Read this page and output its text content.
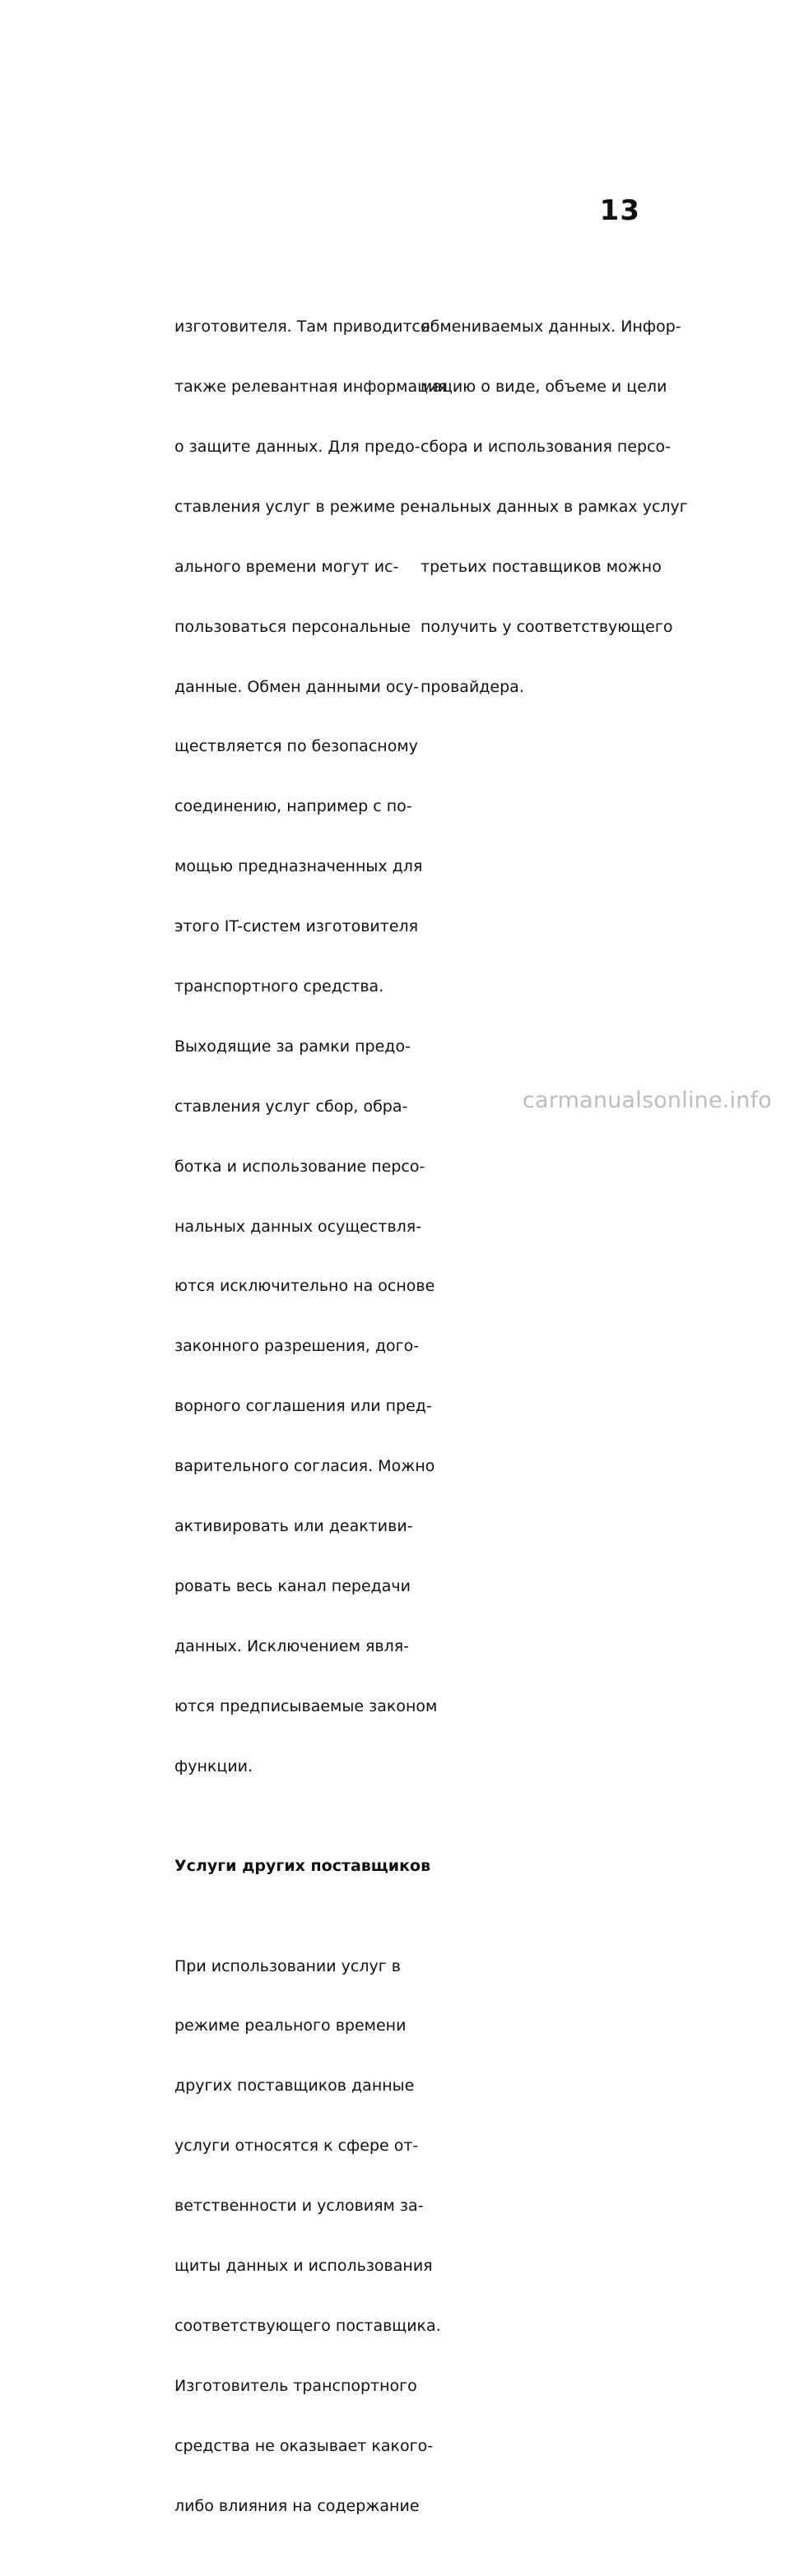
13

изготовителя. Там приводится

также релевантная информация

о защите данных. Для предо-

ставления услуг в режиме ре-

ального времени могут ис-

пользоваться персональные

данные. Обмен данными осу-

ществляется по безопасному

соединению, например с по-

мощью предназначенных для

этого IT-систем изготовителя

транспортного средства.

Выходящие за рамки предо-

ставления услуг сбор, обра-

ботка и использование персо-

нальных данных осуществля-

ются исключительно на основе

законного разрешения, дого-

ворного соглашения или пред-

варительного согласия. Можно

активировать или деактиви-

ровать весь канал передачи

данных. Исключением явля-

ются предписываемые законом

функции.

Услуги других поставщиков

При использовании услуг в

режиме реального времени

других поставщиков данные

услуги относятся к сфере от-

ветственности и условиям за-

щиты данных и использования

соответствующего поставщика.

Изготовитель транспортного

средства не оказывает какого-

либо влияния на содержание

обмениваемых данных. Инфор-

мацию о виде, объеме и цели

сбора и использования персо-

нальных данных в рамках услуг

третьих поставщиков можно

получить у соответствующего

провайдера.

carmanualsonline.info
